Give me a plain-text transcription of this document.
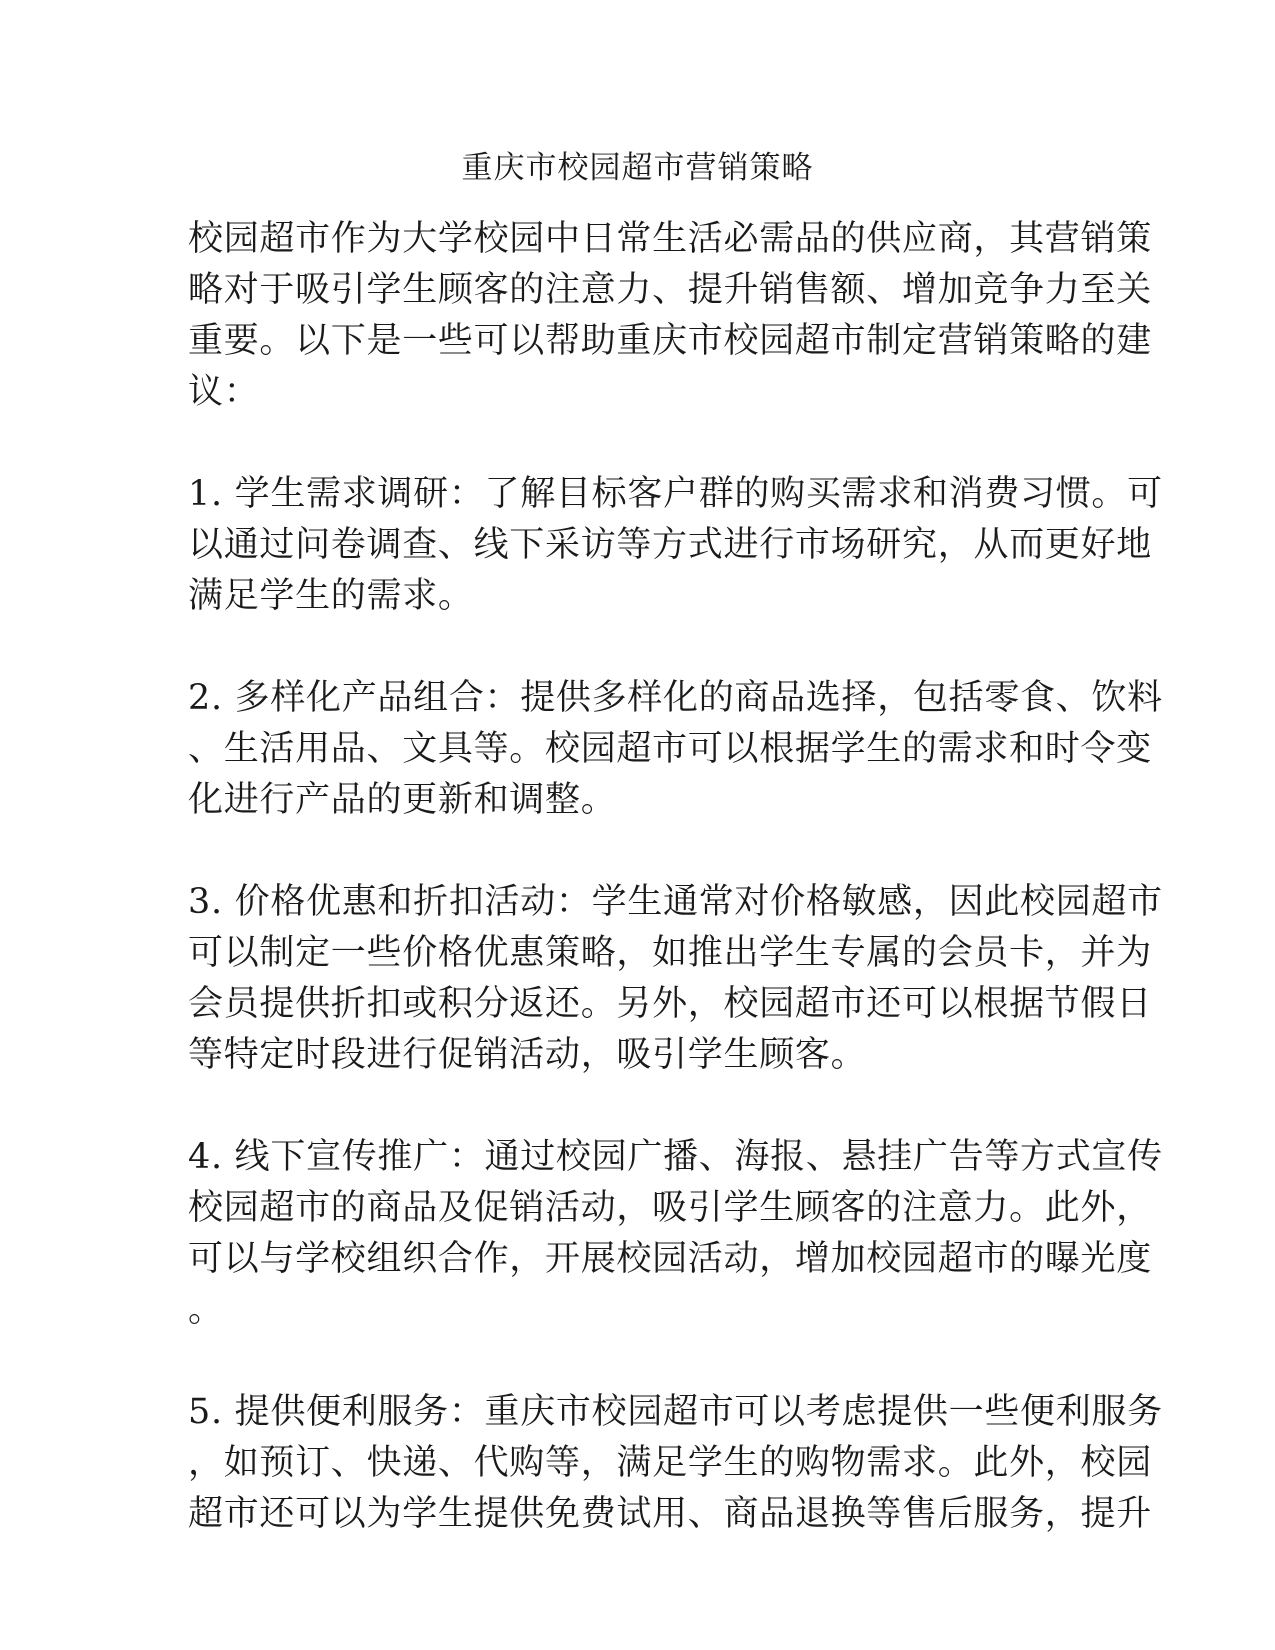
重庆市校园超市营销策略
校园超市作为大学校园中日常生活必需品的供应商，其营销策
略对于吸引学生顾客的注意力、提升销售额、增加竞争力至关
重要。以下是一些可以帮助重庆市校园超市制定营销策略的建
议：
1. 学生需求调研：了解目标客户群的购买需求和消费习惯。可
以通过问卷调查、线下采访等方式进行市场研究，从而更好地
满足学生的需求。
2. 多样化产品组合：提供多样化的商品选择，包括零食、饮料
、生活用品、文具等。校园超市可以根据学生的需求和时令变
化进行产品的更新和调整。
3. 价格优惠和折扣活动：学生通常对价格敏感，因此校园超市
可以制定一些价格优惠策略，如推出学生专属的会员卡，并为
会员提供折扣或积分返还。另外，校园超市还可以根据节假日
等特定时段进行促销活动，吸引学生顾客。
4. 线下宣传推广：通过校园广播、海报、悬挂广告等方式宣传
校园超市的商品及促销活动，吸引学生顾客的注意力。此外，
可以与学校组织合作，开展校园活动，增加校园超市的曝光度
。
5. 提供便利服务：重庆市校园超市可以考虑提供一些便利服务
，如预订、快递、代购等，满足学生的购物需求。此外，校园
超市还可以为学生提供免费试用、商品退换等售后服务，提升
